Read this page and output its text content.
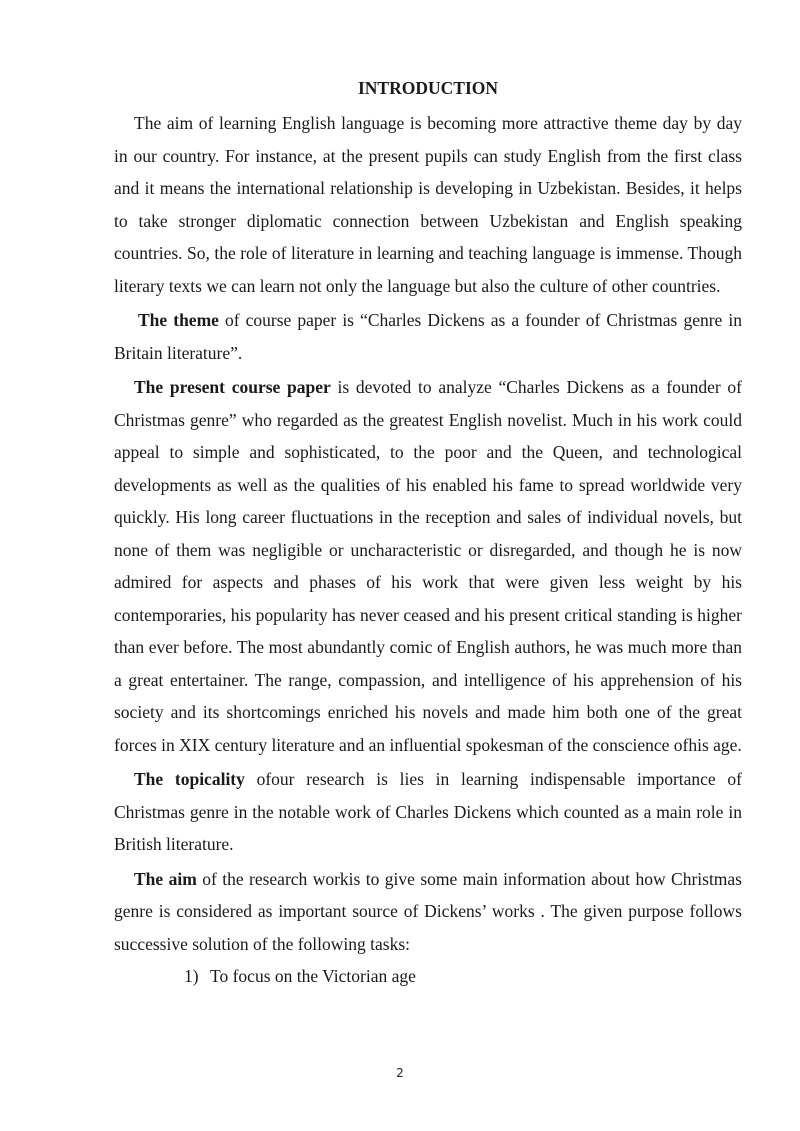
INTRODUCTION

The aim of learning English language is becoming more attractive theme day by day in our country. For instance, at the present pupils can study English from the first class and it means the international relationship is developing in Uzbekistan. Besides, it helps to take stronger diplomatic connection between Uzbekistan and English speaking countries. So, the role of literature in learning and teaching language is immense. Though literary texts we can learn not only the language but also the culture of other countries.

The theme of course paper is “Charles Dickens as a founder of Christmas genre in Britain literature”.

The present course paper is devoted to analyze “Charles Dickens as a founder of Christmas genre” who regarded as the greatest English novelist. Much in his work could appeal to simple and sophisticated, to the poor and the Queen, and technological developments as well as the qualities of his enabled his fame to spread worldwide very quickly. His long career fluctuations in the reception and sales of individual novels, but none of them was negligible or uncharacteristic or disregarded, and though he is now admired for aspects and phases of his work that were given less weight by his contemporaries, his popularity has never ceased and his present critical standing is higher than ever before. The most abundantly comic of English authors, he was much more than a great entertainer. The range, compassion, and intelligence of his apprehension of his society and its shortcomings enriched his novels and made him both one of the great forces in XIX century literature and an influential spokesman of the conscience ofhis age.

The topicality ofour research is lies in learning indispensable importance of Christmas genre in the notable work of Charles Dickens which counted as a main role in British literature.

The aim of the research workis to give some main information about how Christmas genre is considered as important source of Dickens’ works . The given purpose follows successive solution of the following tasks:

1) To focus on the Victorian age

2
